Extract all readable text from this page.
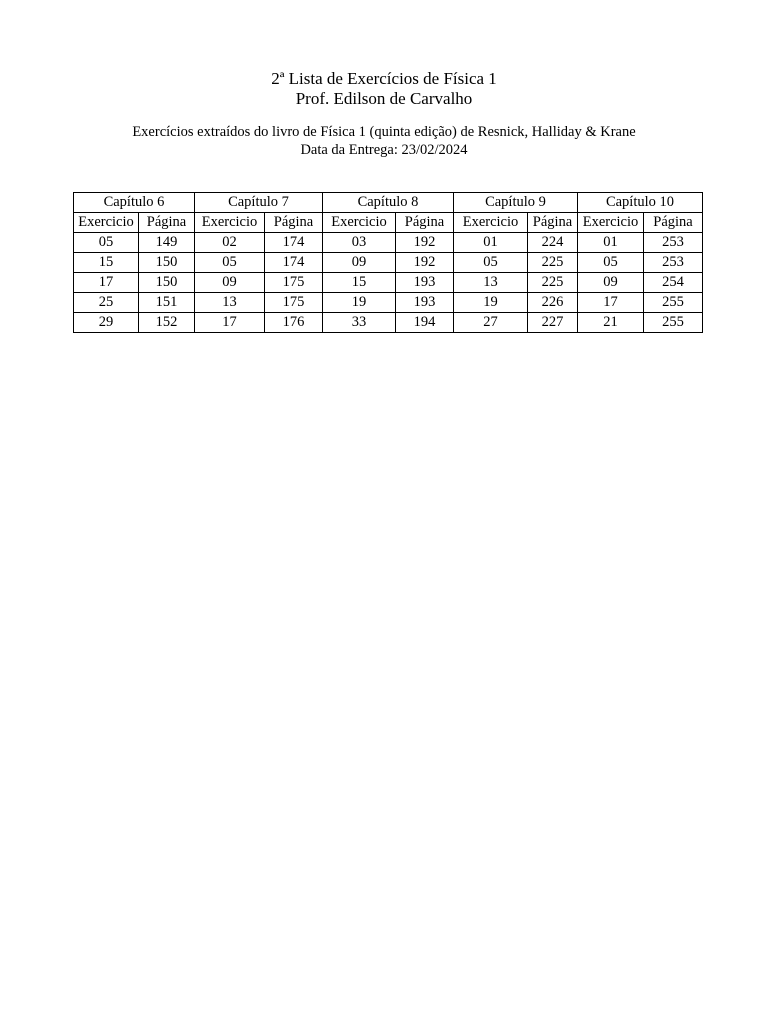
2ª Lista de Exercícios de Física 1
Prof. Edilson de Carvalho
Exercícios extraídos do livro de Física 1 (quinta edição) de Resnick, Halliday & Krane
Data da Entrega: 23/02/2024
Capítulo 6		Capítulo 7		Capítulo 8		Capítulo 9		Capítulo 10	
Exercicio	Página	Exercicio	Página	Exercicio	Página	Exercicio	Página	Exercicio	Página
05	149	02	174	03	192	01	224	01	253
15	150	05	174	09	192	05	225	05	253
17	150	09	175	15	193	13	225	09	254
25	151	13	175	19	193	19	226	17	255
29	152	17	176	33	194	27	227	21	255
